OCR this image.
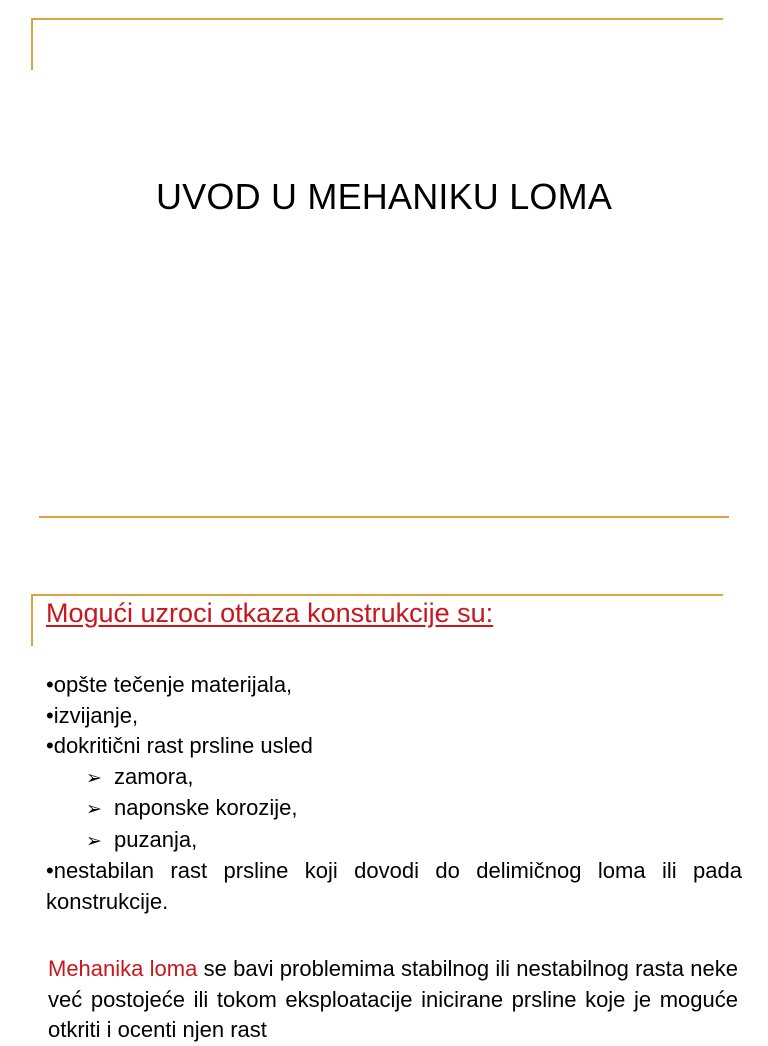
UVOD U MEHANIKU LOMA
Mogući uzroci otkaza konstrukcije su:
•opšte tečenje materijala,
•izvijanje,
•dokritični rast prsline usled
➢ zamora,
➢ naponske korozije,
➢ puzanja,
•nestabilan rast prsline koji dovodi do delimičnog loma ili pada konstrukcije.
Mehanika loma se bavi problemima stabilnog ili nestabilnog rasta neke već postojeće ili tokom eksploatacije inicirane prsline koje je moguće otkriti i ocenti njen rast
